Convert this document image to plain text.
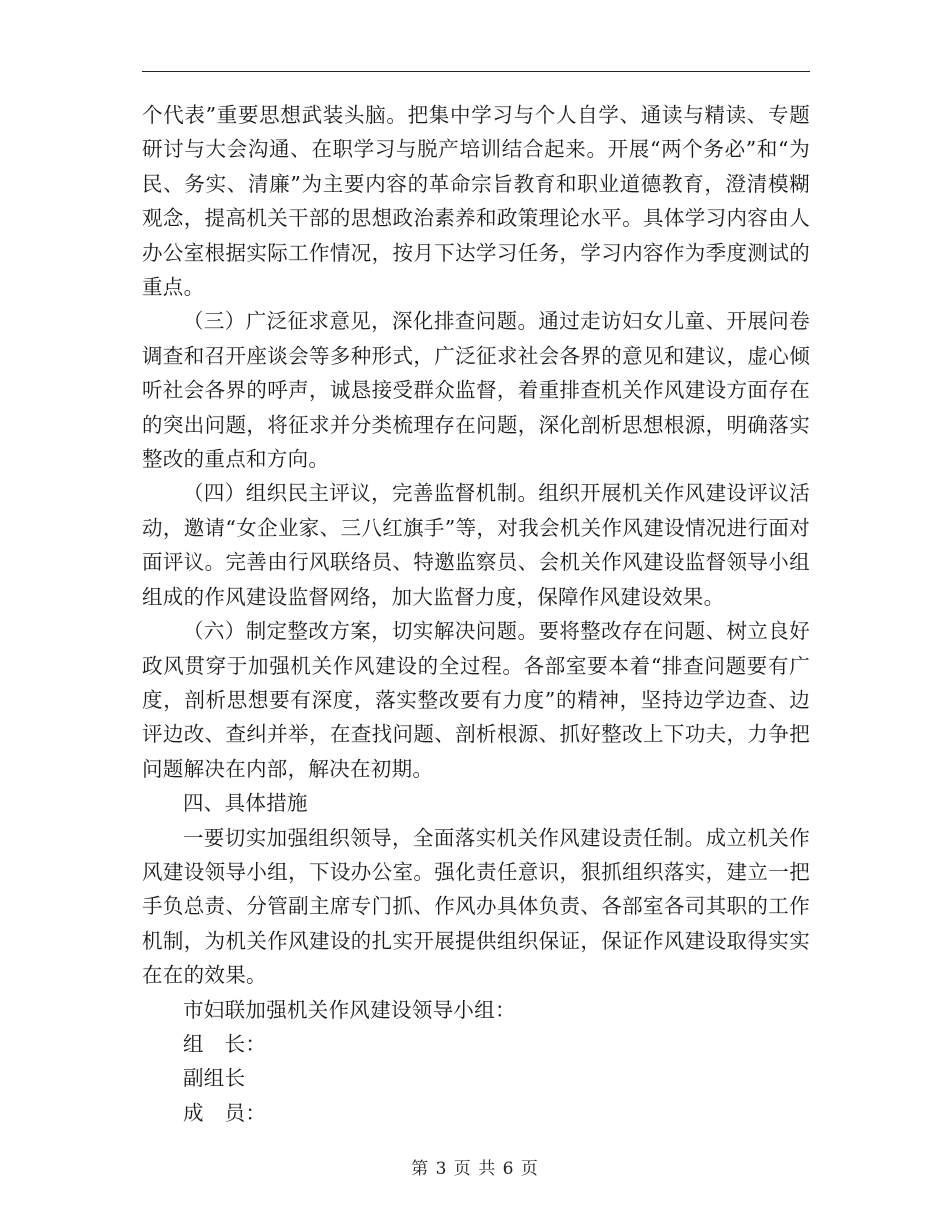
个代表”重要思想武装头脑。把集中学习与个人自学、通读与精读、专题研讨与大会沟通、在职学习与脱产培训结合起来。开展“两个务必”和“为民、务实、清廉”为主要内容的革命宗旨教育和职业道德教育，澄清模糊观念，提高机关干部的思想政治素养和政策理论水平。具体学习内容由人办公室根据实际工作情况，按月下达学习任务，学习内容作为季度测试的重点。

（三）广泛征求意见，深化排查问题。通过走访妇女儿童、开展问卷调查和召开座谈会等多种形式，广泛征求社会各界的意见和建议，虚心倾听社会各界的呼声，诚恳接受群众监督，着重排查机关作风建设方面存在的突出问题，将征求并分类梳理存在问题，深化剖析思想根源，明确落实整改的重点和方向。

（四）组织民主评议，完善监督机制。组织开展机关作风建设评议活动，邀请“女企业家、三八红旗手”等，对我会机关作风建设情况进行面对面评议。完善由行风联络员、特邀监察员、会机关作风建设监督领导小组组成的作风建设监督网络，加大监督力度，保障作风建设效果。

（六）制定整改方案，切实解决问题。要将整改存在问题、树立良好政风贯穿于加强机关作风建设的全过程。各部室要本着“排查问题要有广度，剖析思想要有深度，落实整改要有力度”的精神，坚持边学边查、边评边改、查纠并举，在查找问题、剖析根源、抓好整改上下功夫，力争把问题解决在内部，解决在初期。

四、具体措施

一要切实加强组织领导，全面落实机关作风建设责任制。成立机关作风建设领导小组，下设办公室。强化责任意识，狠抓组织落实，建立一把手负总责、分管副主席专门抓、作风办具体负责、各部室各司其职的工作机制，为机关作风建设的扎实开展提供组织保证，保证作风建设取得实实在在的效果。

市妇联加强机关作风建设领导小组：

组　长：

副组长

成　员：

第 3 页 共 6 页
